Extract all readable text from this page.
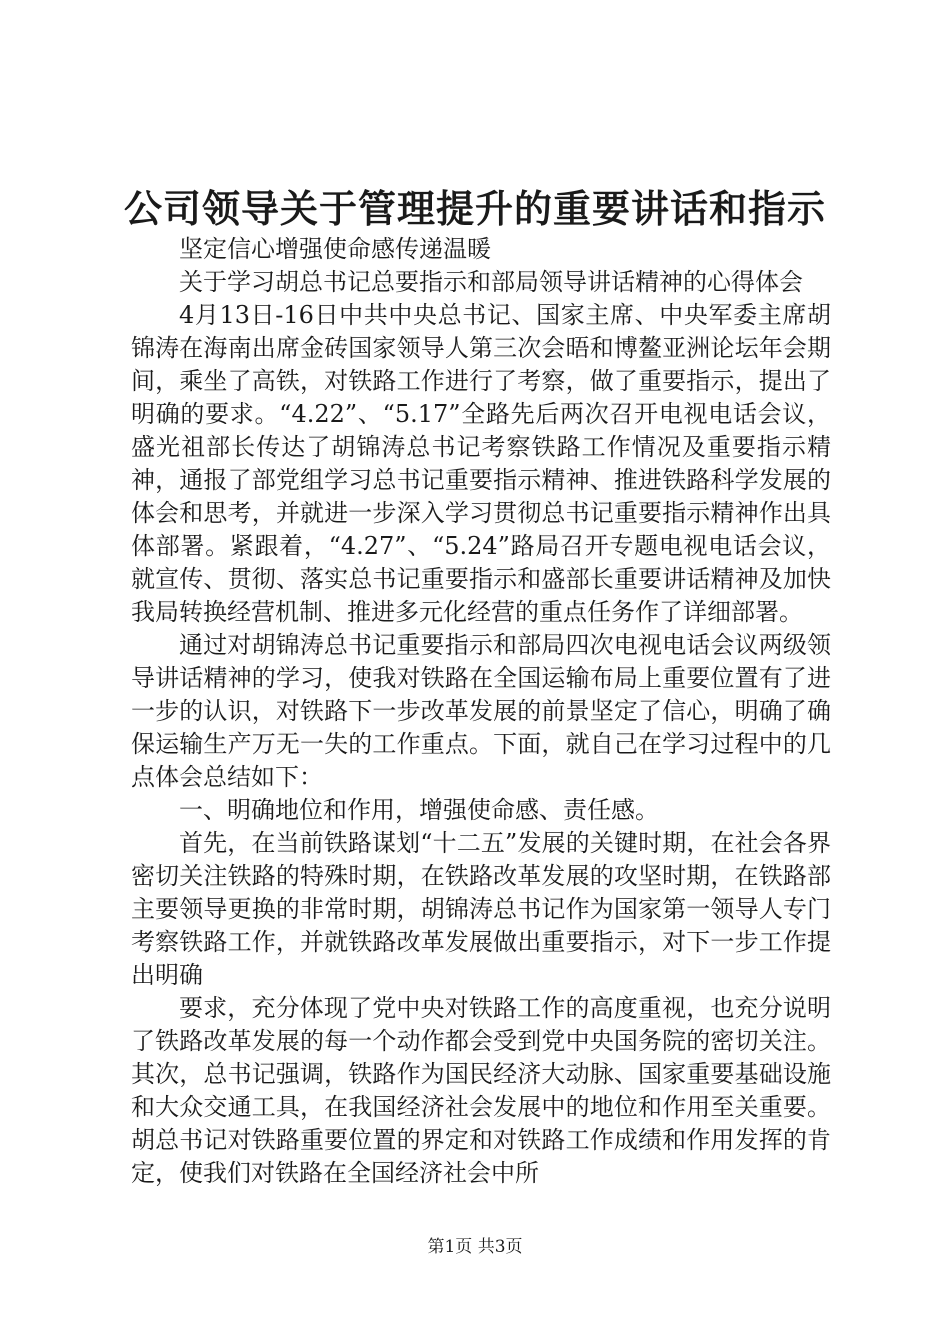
公司领导关于管理提升的重要讲话和指示

坚定信心增强使命感传递温暖

关于学习胡总书记总要指示和部局领导讲话精神的心得体会

4月13日-16日中共中央总书记、国家主席、中央军委主席胡锦涛在海南出席金砖国家领导人第三次会晤和博鳌亚洲论坛年会期间，乘坐了高铁，对铁路工作进行了考察，做了重要指示，提出了明确的要求。“4.22”、“5.17”全路先后两次召开电视电话会议，盛光祖部长传达了胡锦涛总书记考察铁路工作情况及重要指示精神，通报了部党组学习总书记重要指示精神、推进铁路科学发展的体会和思考，并就进一步深入学习贯彻总书记重要指示精神作出具体部署。紧跟着，“4.27”、“5.24”路局召开专题电视电话会议，就宣传、贯彻、落实总书记重要指示和盛部长重要讲话精神及加快我局转换经营机制、推进多元化经营的重点任务作了详细部署。

通过对胡锦涛总书记重要指示和部局四次电视电话会议两级领导讲话精神的学习，使我对铁路在全国运输布局上重要位置有了进一步的认识，对铁路下一步改革发展的前景坚定了信心，明确了确保运输生产万无一失的工作重点。下面，就自己在学习过程中的几点体会总结如下：

一、明确地位和作用，增强使命感、责任感。

首先，在当前铁路谋划“十二五”发展的关键时期，在社会各界密切关注铁路的特殊时期，在铁路改革发展的攻坚时期，在铁路部主要领导更换的非常时期，胡锦涛总书记作为国家第一领导人专门考察铁路工作，并就铁路改革发展做出重要指示，对下一步工作提出明确

要求，充分体现了党中央对铁路工作的高度重视，也充分说明了铁路改革发展的每一个动作都会受到党中央国务院的密切关注。其次，总书记强调，铁路作为国民经济大动脉、国家重要基础设施和大众交通工具，在我国经济社会发展中的地位和作用至关重要。胡总书记对铁路重要位置的界定和对铁路工作成绩和作用发挥的肯定，使我们对铁路在全国经济社会中所

第1页 共3页
